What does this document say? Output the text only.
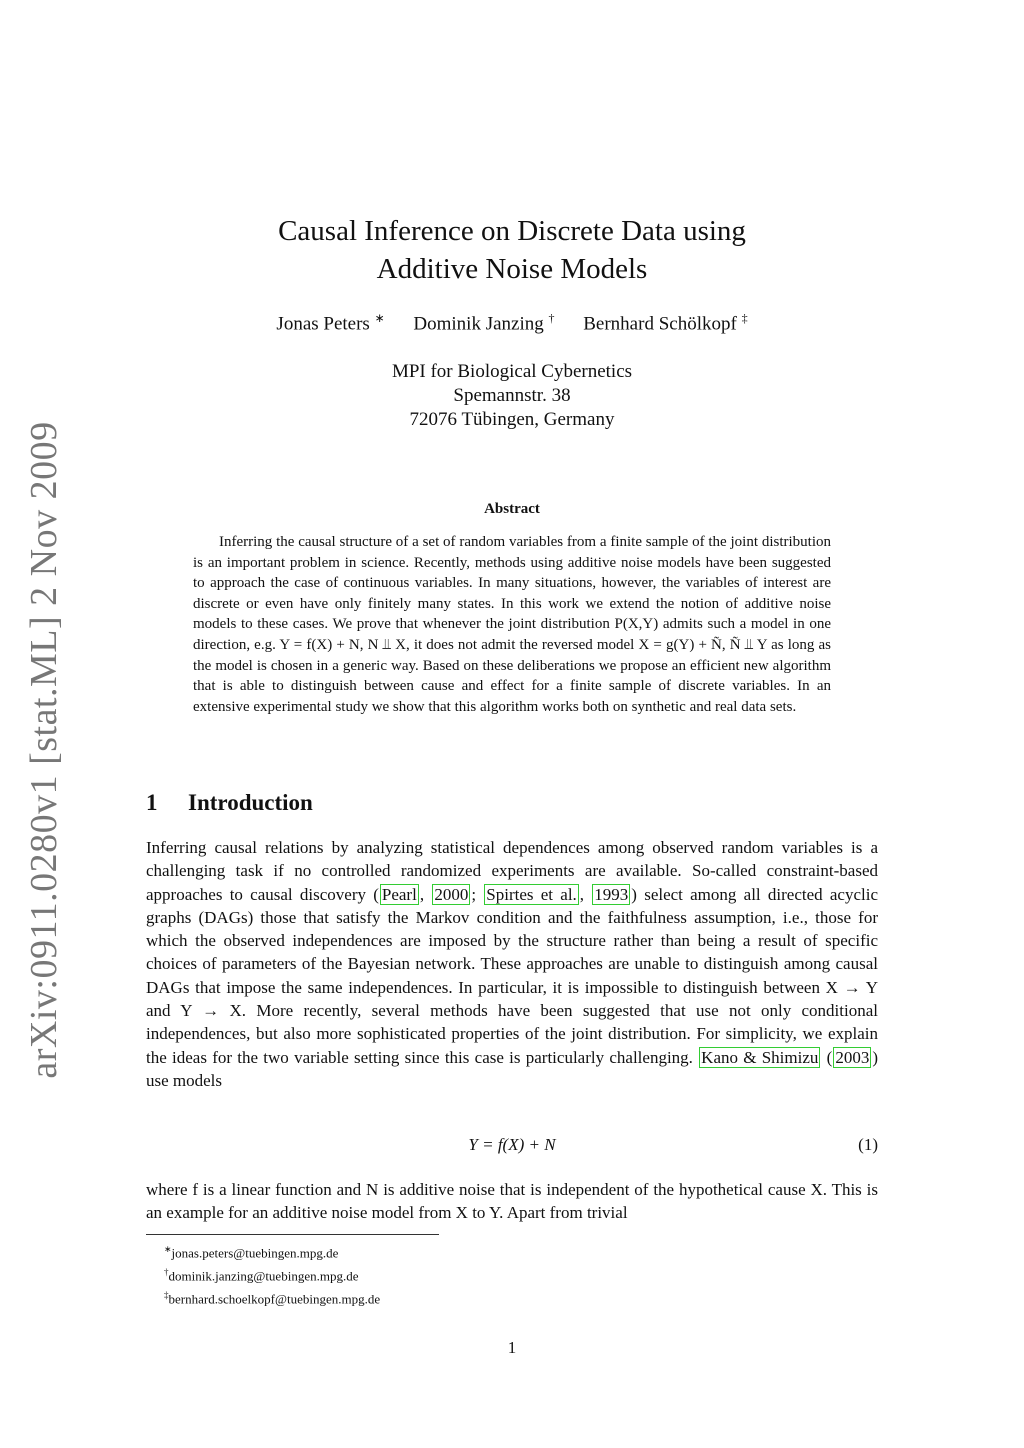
arXiv:0911.0280v1 [stat.ML] 2 Nov 2009
Causal Inference on Discrete Data using
Additive Noise Models
Jonas Peters ∗ Dominik Janzing † Bernhard Schölkopf ‡
MPI for Biological Cybernetics
Spemannstr. 38
72076 Tübingen, Germany
Abstract

Inferring the causal structure of a set of random variables from a finite sample of the joint distribution is an important problem in science. Recently, methods using additive noise models have been suggested to approach the case of continuous variables. In many situations, however, the variables of interest are discrete or even have only finitely many states. In this work we extend the notion of additive noise models to these cases. We prove that whenever the joint distribution P(X,Y) admits such a model in one direction, e.g. Y = f(X) + N, N ⫫ X, it does not admit the reversed model X = g(Y) + Ñ, Ñ ⫫ Y as long as the model is chosen in a generic way. Based on these deliberations we propose an efficient new algorithm that is able to distinguish between cause and effect for a finite sample of discrete variables. In an extensive experimental study we show that this algorithm works both on synthetic and real data sets.

1 Introduction

Inferring causal relations by analyzing statistical dependences among observed random variables is a challenging task if no controlled randomized experiments are available. So-called constraint-based approaches to causal discovery ( Pearl , 2000 ; Spirtes et al. , 1993 ) select among all directed acyclic graphs (DAGs) those that satisfy the Markov condition and the faithfulness assumption, i.e., those for which the observed independences are imposed by the structure rather than being a result of specific choices of parameters of the Bayesian network. These approaches are unable to distinguish among causal DAGs that impose the same independences. In particular, it is impossible to distinguish between X → Y and Y → X. More recently, several methods have been suggested that use not only conditional independences, but also more sophisticated properties of the joint distribution. For simplicity, we explain the ideas for the two variable setting since this case is particularly challenging. Kano & Shimizu ( 2003 ) use models

Y = f(X) + N	(1)

where f is a linear function and N is additive noise that is independent of the hypothetical cause X. This is an example for an additive noise model from X to Y. Apart from trivial

∗jonas.peters@tuebingen.mpg.de
†dominik.janzing@tuebingen.mpg.de
‡bernhard.schoelkopf@tuebingen.mpg.de
1
